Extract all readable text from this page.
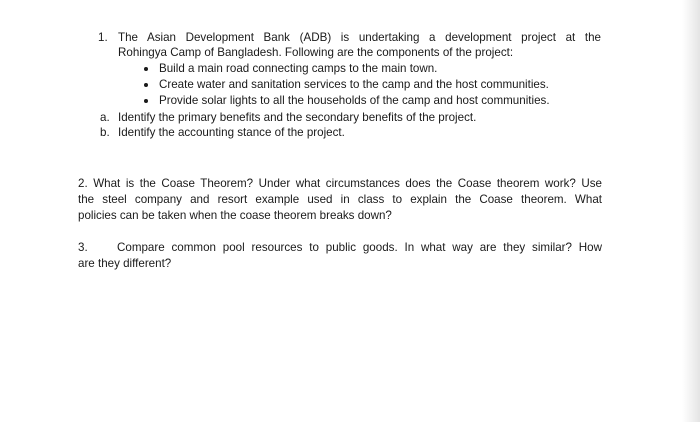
1. The Asian Development Bank (ADB) is undertaking a development project at the
Rohingya Camp of Bangladesh. Following are the components of the project:
Build a main road connecting camps to the main town.
Create water and sanitation services to the camp and the host communities.
Provide solar lights to all the households of the camp and host communities.
a. Identify the primary benefits and the secondary benefits of the project.
b. Identify the accounting stance of the project.
2. What is the Coase Theorem? Under what circumstances does the Coase theorem work? Use
the steel company and resort example used in class to explain the Coase theorem. What
policies can be taken when the coase theorem breaks down?
3.	Compare common pool resources to public goods. In what way are they similar? How
are they different?
